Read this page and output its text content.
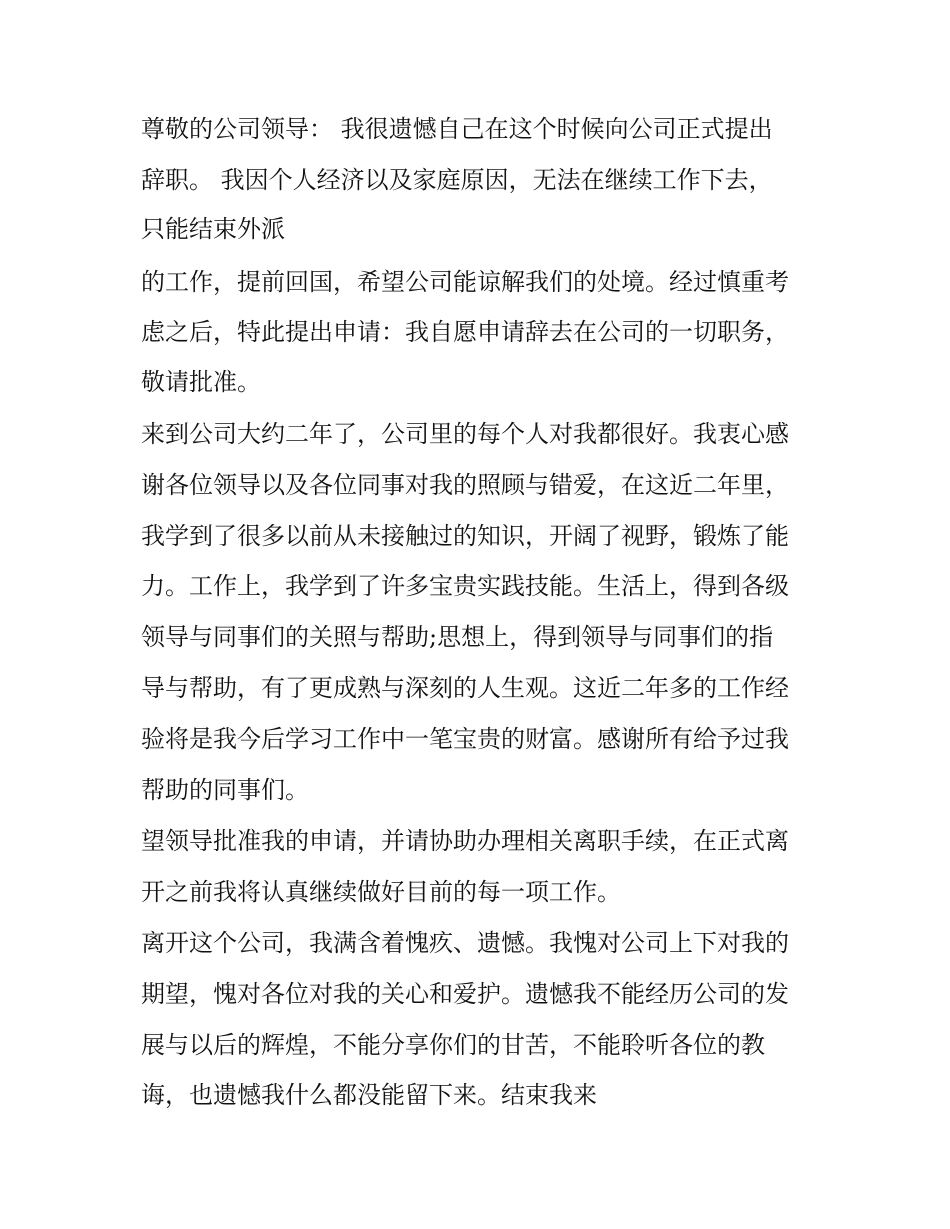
尊敬的公司领导： 我很遗憾自己在这个时候向公司正式提出
辞职。 我因个人经济以及家庭原因，无法在继续工作下去，
只能结束外派
的工作，提前回国，希望公司能谅解我们的处境。经过慎重考
虑之后，特此提出申请：我自愿申请辞去在公司的一切职务，
敬请批准。
来到公司大约二年了，公司里的每个人对我都很好。我衷心感
谢各位领导以及各位同事对我的照顾与错爱，在这近二年里，
我学到了很多以前从未接触过的知识，开阔了视野，锻炼了能
力。工作上，我学到了许多宝贵实践技能。生活上，得到各级
领导与同事们的关照与帮助;思想上，得到领导与同事们的指
导与帮助，有了更成熟与深刻的人生观。这近二年多的工作经
验将是我今后学习工作中一笔宝贵的财富。感谢所有给予过我
帮助的同事们。
望领导批准我的申请，并请协助办理相关离职手续，在正式离
开之前我将认真继续做好目前的每一项工作。
离开这个公司，我满含着愧疚、遗憾。我愧对公司上下对我的
期望，愧对各位对我的关心和爱护。遗憾我不能经历公司的发
展与以后的辉煌，不能分享你们的甘苦，不能聆听各位的教
诲，也遗憾我什么都没能留下来。结束我来
